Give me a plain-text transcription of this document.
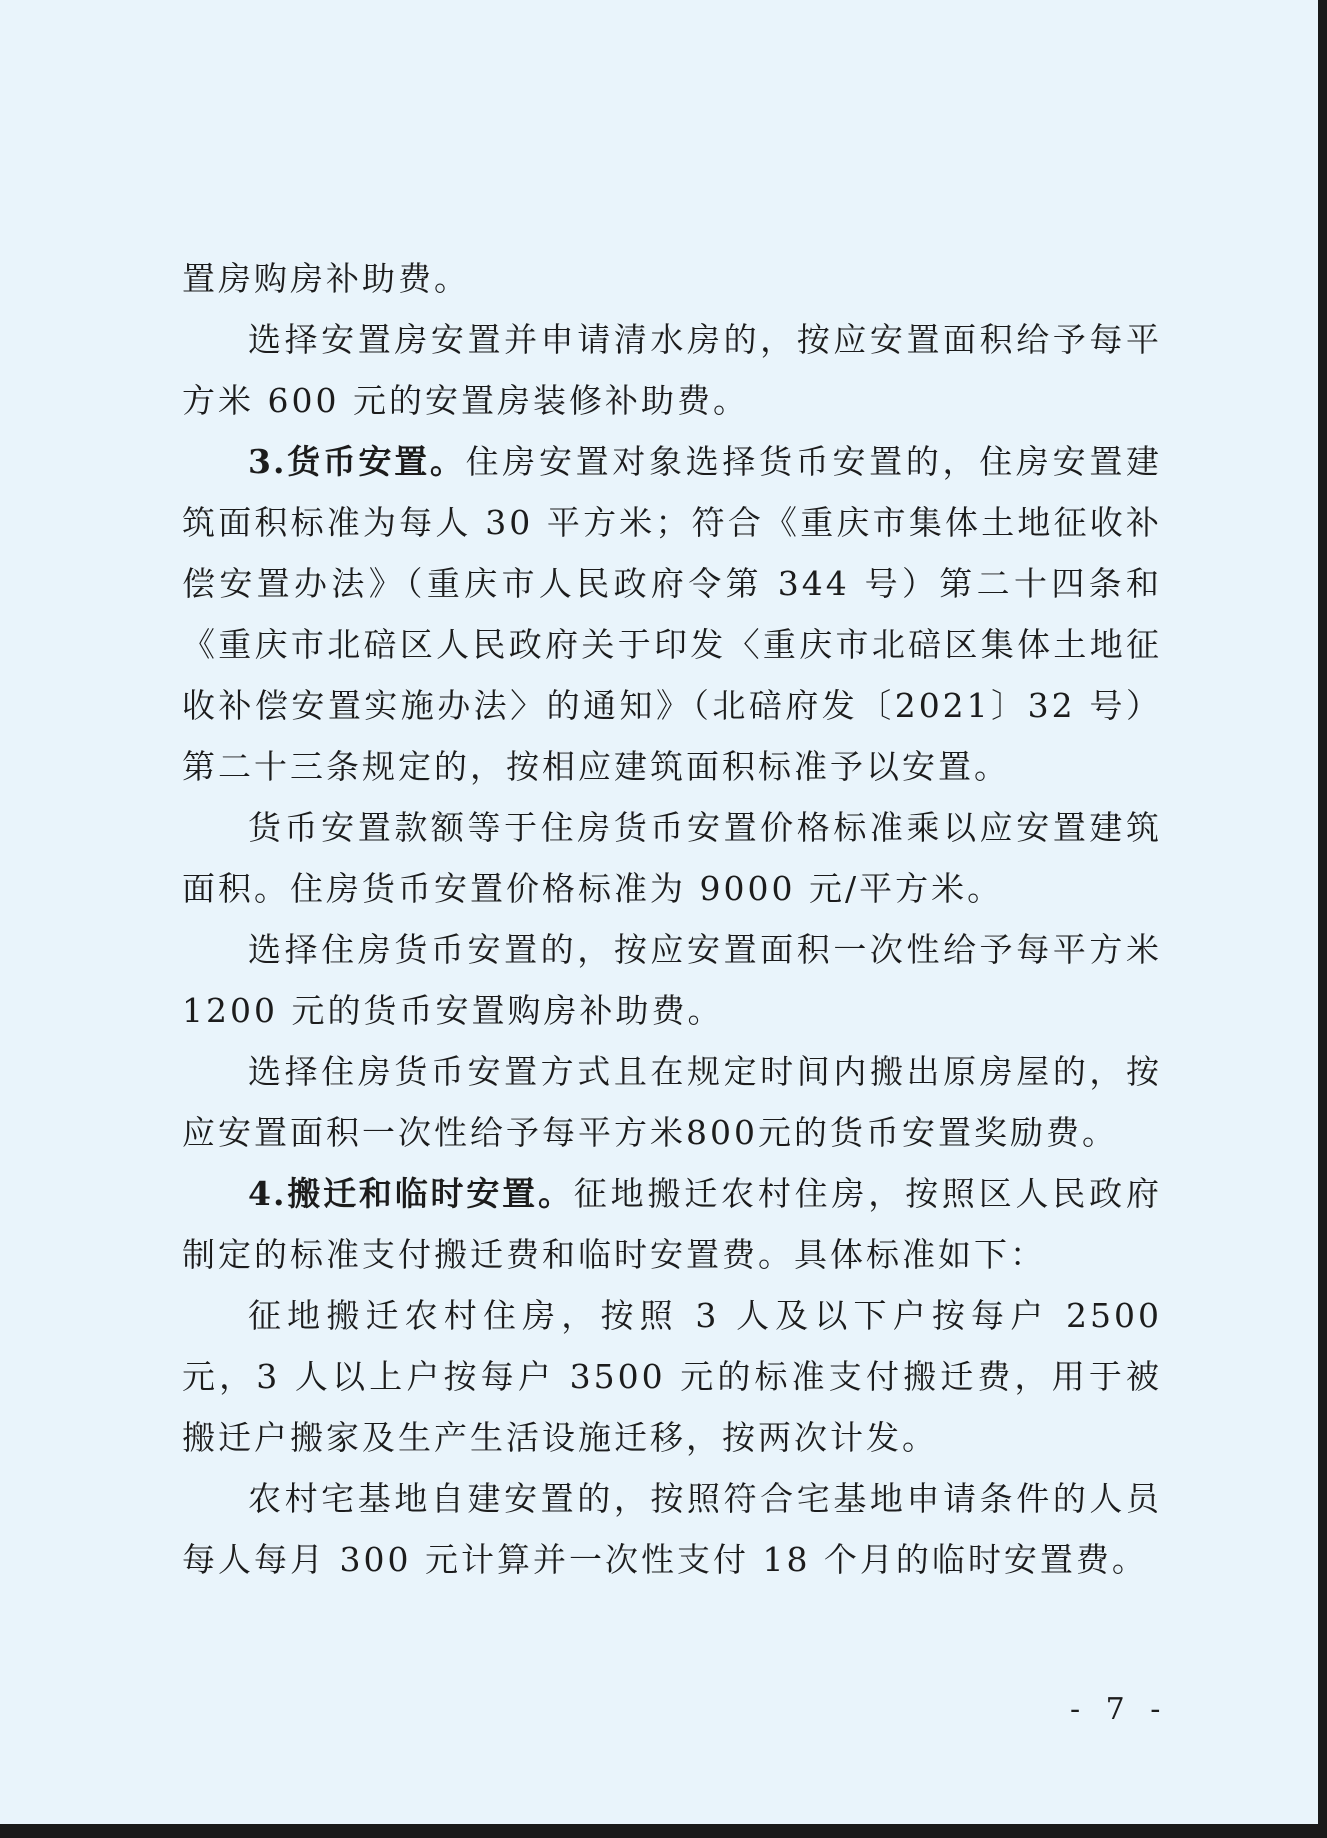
置房购房补助费。

选择安置房安置并申请清水房的，按应安置面积给予每平方米 600 元的安置房装修补助费。

3.货币安置。住房安置对象选择货币安置的，住房安置建筑面积标准为每人 30 平方米；符合《重庆市集体土地征收补偿安置办法》（重庆市人民政府令第 344 号）第二十四条和《重庆市北碚区人民政府关于印发〈重庆市北碚区集体土地征收补偿安置实施办法〉的通知》（北碚府发〔2021〕32 号）第二十三条规定的，按相应建筑面积标准予以安置。

货币安置款额等于住房货币安置价格标准乘以应安置建筑面积。住房货币安置价格标准为 9000 元/平方米。

选择住房货币安置的，按应安置面积一次性给予每平方米 1200 元的货币安置购房补助费。

选择住房货币安置方式且在规定时间内搬出原房屋的，按应安置面积一次性给予每平方米800元的货币安置奖励费。

4.搬迁和临时安置。征地搬迁农村住房，按照区人民政府制定的标准支付搬迁费和临时安置费。具体标准如下：

征地搬迁农村住房，按照 3 人及以下户按每户 2500 元，3 人以上户按每户 3500 元的标准支付搬迁费，用于被搬迁户搬家及生产生活设施迁移，按两次计发。

农村宅基地自建安置的，按照符合宅基地申请条件的人员每人每月 300 元计算并一次性支付 18 个月的临时安置费。

- 7 -
